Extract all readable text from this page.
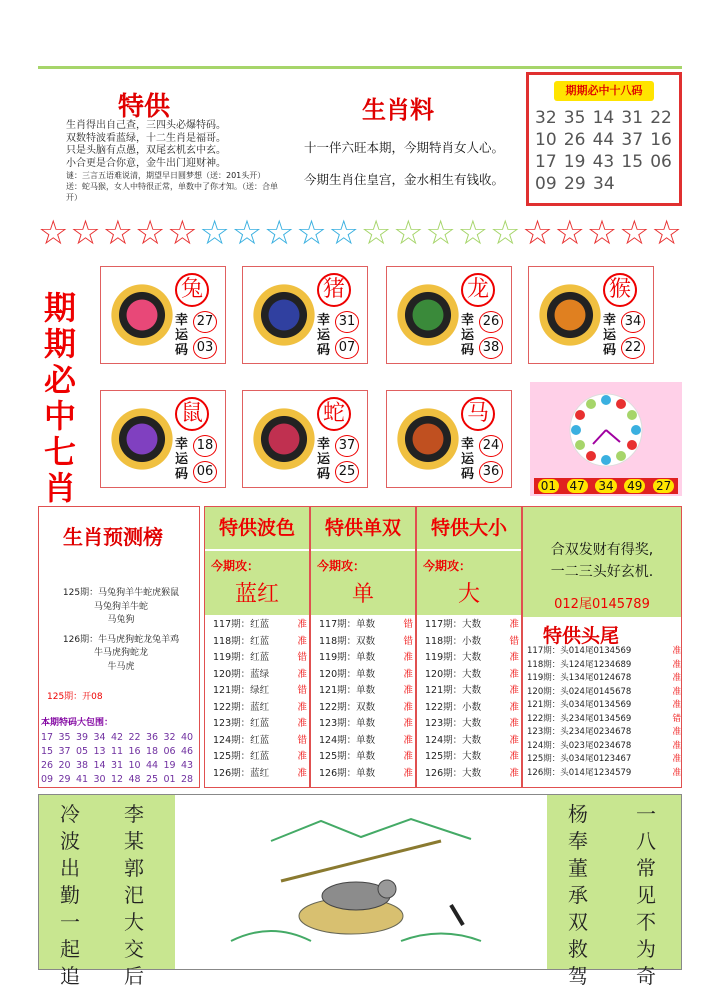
特供
生肖得出自己查，三四头必爆特码。
双数特波看蓝绿，十二生肖是福哥。
只是头脑有点愚，双尾玄机玄中玄。
小合更是合你意，金牛出门迎财神。
谜：三言五语难说清，期望早日圆梦想（送：201头开）
送：蛇马猴，女人中特很正常，单数中了你才知。（送：合单开）
生肖料
十一伴六旺本期，今期特肖女人心。
今期生肖住皇宫，金水相生有钱收。
期期必中十八码
32 35 14 31 22
10 26 44 37 16
17 19 43 15 06
09 29 34
☆ ☆ ☆ ☆ ☆ ☆ ☆ ☆ ☆ ☆ ☆ ☆ ☆ ☆ ☆ ☆ ☆ ☆ ☆ ☆
期
期
必
中
七
肖
兔
幸运码
27
03
猪
幸运码
31
07
龙
幸运码
26
38
猴
幸运码
34
22
鼠
幸运码
18
06
蛇
幸运码
37
25
马
幸运码
24
36
01 47 34 49 27
生肖预测榜
125期：马兔狗羊牛蛇虎猴鼠
马兔狗羊牛蛇
马兔狗
126期：牛马虎狗蛇龙兔羊鸡
牛马虎狗蛇龙
牛马虎
125期：开08
本期特码大包围：
17 35 39 34 42 22 36 32 40
15 37 05 13 11 16 18 06 46
26 20 38 14 31 10 44 19 43
09 29 41 30 12 48 25 01 28
特供波色
今期攻：
蓝红
117期：红蓝	准
118期：红蓝	准
119期：红蓝	错
120期：蓝绿	准
121期：绿红	错
122期：蓝红	准
123期：红蓝	准
124期：红蓝	错
125期：红蓝	准
126期：蓝红	准
特供单双
今期攻：
单
117期：单数	错
118期：双数	错
119期：单数	准
120期：单数	准
121期：单数	准
122期：双数	准
123期：单数	准
124期：单数	准
125期：单数	准
126期：单数	准
特供大小
今期攻：
大
117期：大数	准
118期：小数	错
119期：大数	准
120期：大数	准
121期：大数	准
122期：小数	准
123期：大数	准
124期：大数	准
125期：大数	准
126期：大数	准
合双发财有得奖,
一二三头好玄机.
012尾0145789
特供头尾
117期：头014尾0134569	准
118期：头124尾1234689	准
119期：头134尾0124678	准
120期：头024尾0145678	准
121期：头034尾0134569	准
122期：头234尾0134569	错
123期：头234尾0234678	准
124期：头023尾0234678	准
125期：头034尾0123467	准
126期：头014尾1234579	准
冷
波
出
勤
一
起
追
李
某
郭
汜
大
交
后
杨
奉
董
承
双
救
驾
一
八
常
见
不
为
奇
